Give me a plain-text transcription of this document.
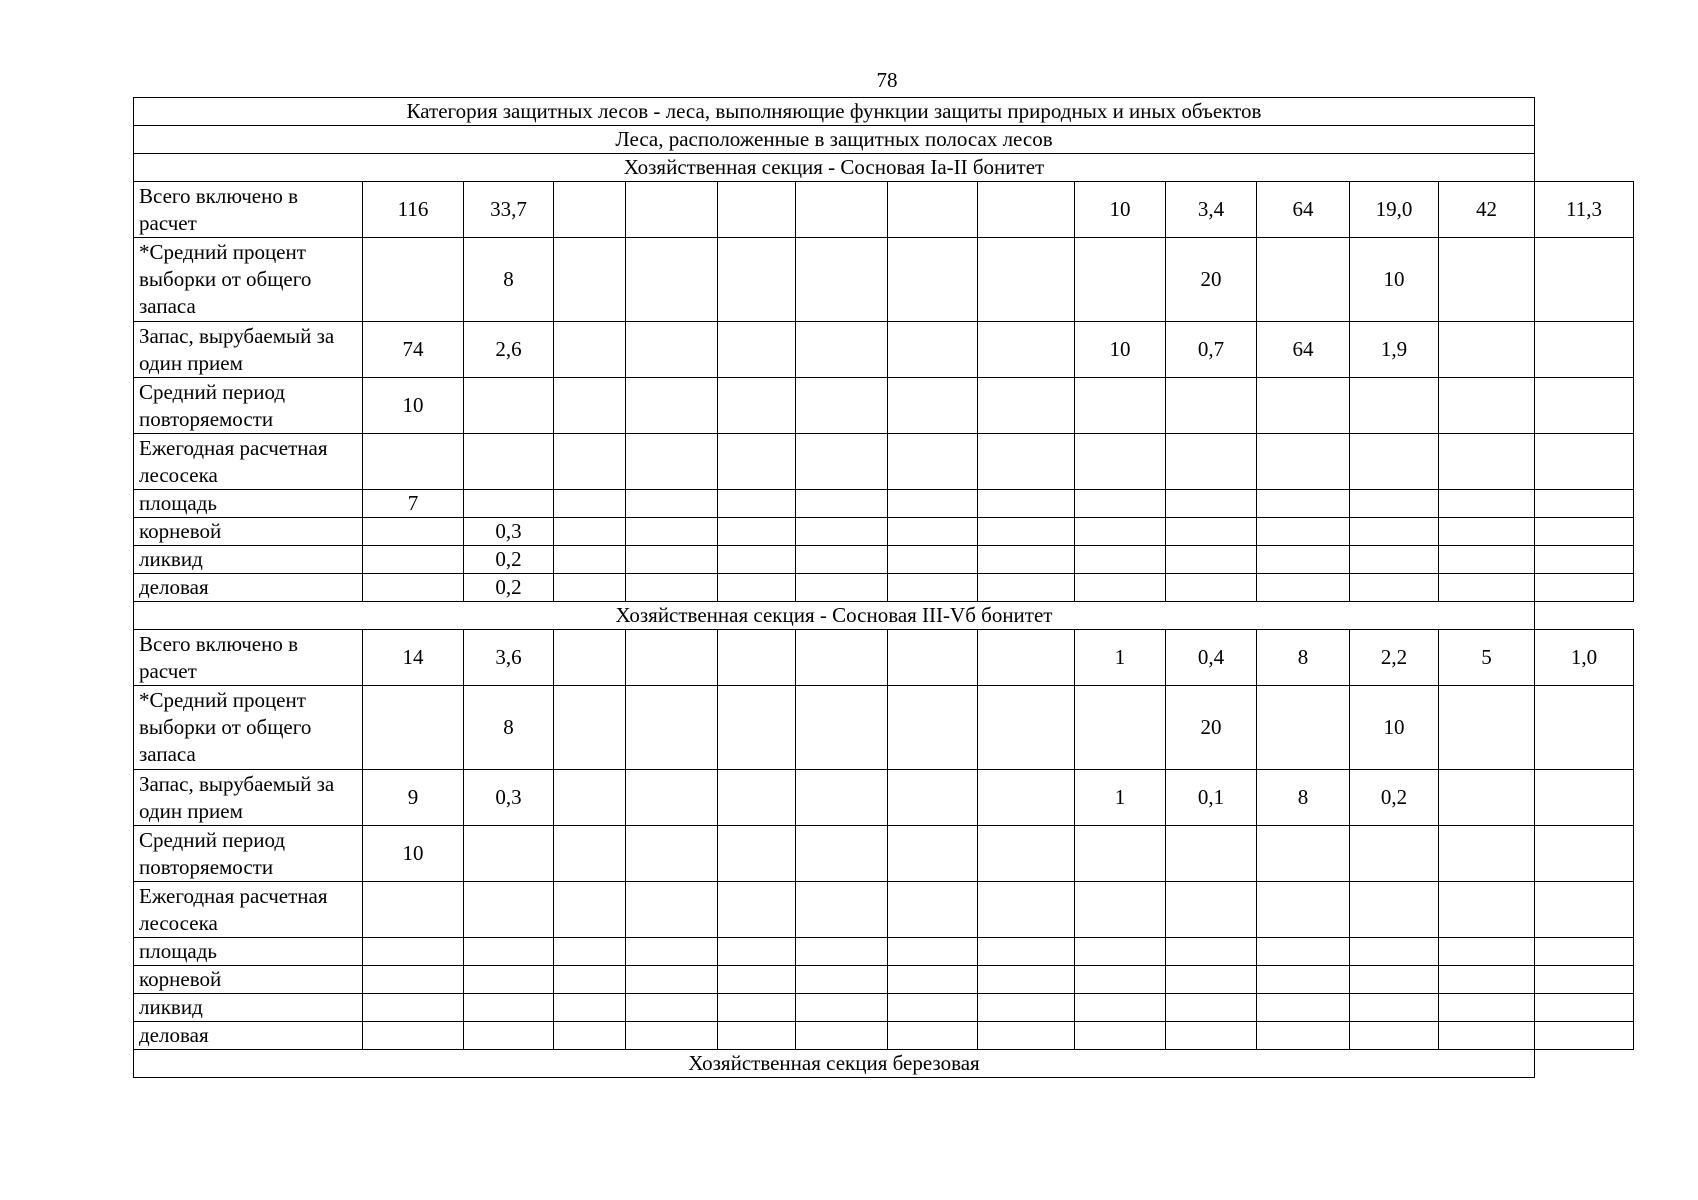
78
Категория защитных лесов - леса, выполняющие функции защиты природных и иных объектов														
Леса, расположенные в защитных полосах лесов														
Хозяйственная секция - Сосновая Iа-II бонитет														
Всего включено в расчет	116	33,7							10	3,4	64	19,0	42	11,3
*Средний процент выборки от общего запаса		8								20		10		
Запас, вырубаемый за один прием	74	2,6							10	0,7	64	1,9		
Средний период повторяемости	10													
Ежегодная расчетная лесосека														
площадь	7													
корневой		0,3												
ликвид		0,2												
деловая		0,2												
Хозяйственная секция - Сосновая III-Vб бонитет														
Всего включено в расчет	14	3,6							1	0,4	8	2,2	5	1,0
*Средний процент выборки от общего запаса		8								20		10		
Запас, вырубаемый за один прием	9	0,3							1	0,1	8	0,2		
Средний период повторяемости	10													
Ежегодная расчетная лесосека														
площадь														
корневой														
ликвид														
деловая														
Хозяйственная секция березовая														
